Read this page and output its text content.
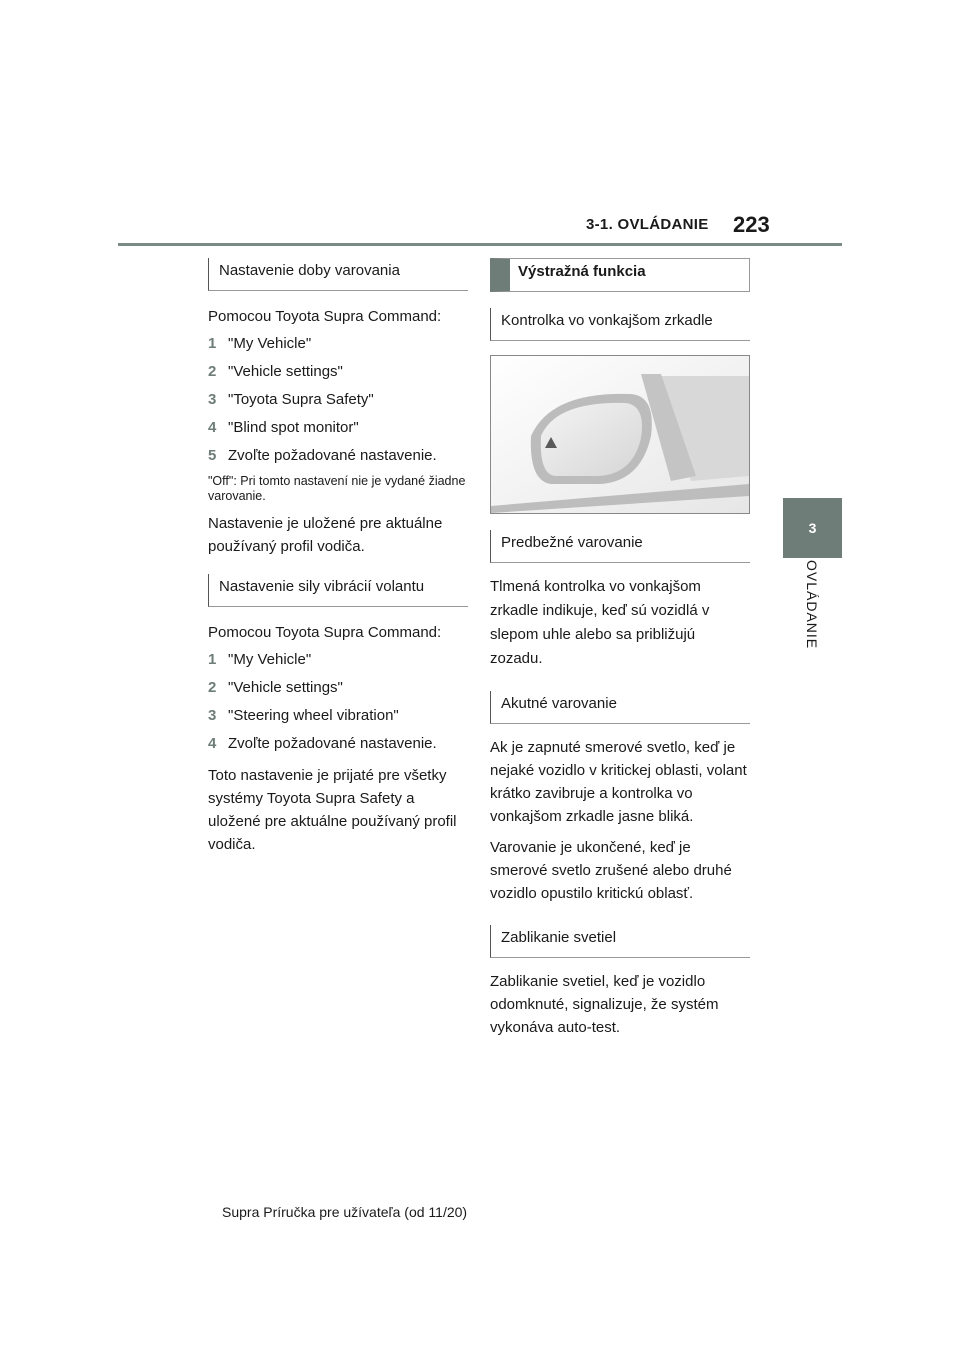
3-1. OVLÁDANIE 223
3
OVLÁDANIE
Nastavenie doby varovania

Pomocou Toyota Supra Command:

1 "My Vehicle"
2 "Vehicle settings"
3 "Toyota Supra Safety"
4 "Blind spot monitor"
5 Zvoľte požadované nastavenie.

"Off": Pri tomto nastavení nie je vydané žiadne varovanie.

Nastavenie je uložené pre aktuálne používaný profil vodiča.

Nastavenie sily vibrácií volantu

Pomocou Toyota Supra Command:

1 "My Vehicle"
2 "Vehicle settings"
3 "Steering wheel vibration"
4 Zvoľte požadované nastavenie.

Toto nastavenie je prijaté pre všetky systémy Toyota Supra Safety a uložené pre aktuálne používaný profil vodiča.

Výstražná funkcia
Kontrolka vo vonkajšom zrkadle
Predbežné varovanie

Tlmená kontrolka vo vonkajšom zrkadle indikuje, keď sú vozidlá v slepom uhle alebo sa približujú zozadu.

Akutné varovanie

Ak je zapnuté smerové svetlo, keď je nejaké vozidlo v kritickej oblasti, volant krátko zavibruje a kontrolka vo vonkajšom zrkadle jasne bliká.

Varovanie je ukončené, keď je smerové svetlo zrušené alebo druhé vozidlo opustilo kritickú oblasť.

Zablikanie svetiel

Zablikanie svetiel, keď je vozidlo odomknuté, signalizuje, že systém vykonáva auto-test.

Supra Príručka pre užívateľa (od 11/20)
